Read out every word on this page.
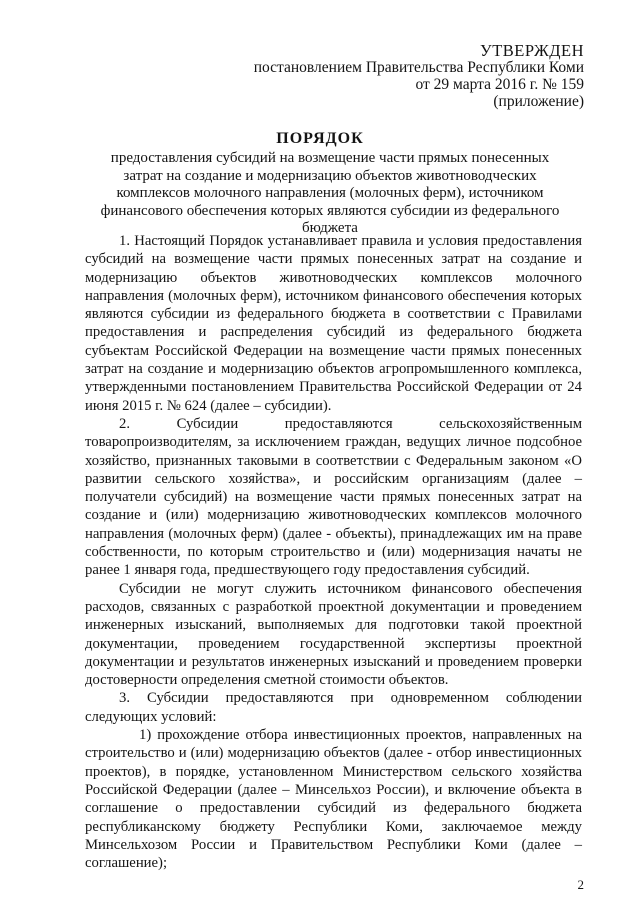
УТВЕРЖДЕН
постановлением Правительства Республики Коми
от 29 марта 2016 г. № 159
(приложение)
ПОРЯДОК
предоставления субсидий на возмещение части прямых понесенных затрат на создание и модернизацию объектов животноводческих комплексов молочного направления (молочных ферм), источником финансового обеспечения которых являются субсидии из федерального бюджета

1. Настоящий Порядок устанавливает правила и условия предоставления субсидий на возмещение части прямых понесенных затрат на создание и модернизацию объектов животноводческих комплексов молочного направления (молочных ферм), источником финансового обеспечения которых являются субсидии из федерального бюджета в соответствии с Правилами предоставления и распределения субсидий из федерального бюджета субъектам Российской Федерации на возмещение части прямых понесенных затрат на создание и модернизацию объектов агропромышленного комплекса, утвержденными постановлением Правительства Российской Федерации от 24 июня 2015 г. № 624 (далее – субсидии).

2. Субсидии предоставляются сельскохозяйственным товаропроизводителям, за исключением граждан, ведущих личное подсобное хозяйство, признанных таковыми в соответствии с Федеральным законом «О развитии сельского хозяйства», и российским организациям (далее – получатели субсидий) на возмещение части прямых понесенных затрат на создание и (или) модернизацию животноводческих комплексов молочного направления (молочных ферм) (далее - объекты), принадлежащих им на праве собственности, по которым строительство и (или) модернизация начаты не ранее 1 января года, предшествующего году предоставления субсидий.

Субсидии не могут служить источником финансового обеспечения расходов, связанных с разработкой проектной документации и проведением инженерных изысканий, выполняемых для подготовки такой проектной документации, проведением государственной экспертизы проектной документации и результатов инженерных изысканий и проведением проверки достоверности определения сметной стоимости объектов.

3. Субсидии предоставляются при одновременном соблюдении следующих условий:

1) прохождение отбора инвестиционных проектов, направленных на строительство и (или) модернизацию объектов (далее - отбор инвестиционных проектов), в порядке, установленном Министерством сельского хозяйства Российской Федерации (далее – Минсельхоз России), и включение объекта в соглашение о предоставлении субсидий из федерального бюджета республиканскому бюджету Республики Коми, заключаемое между Минсельхозом России и Правительством Республики Коми (далее – соглашение);

2
